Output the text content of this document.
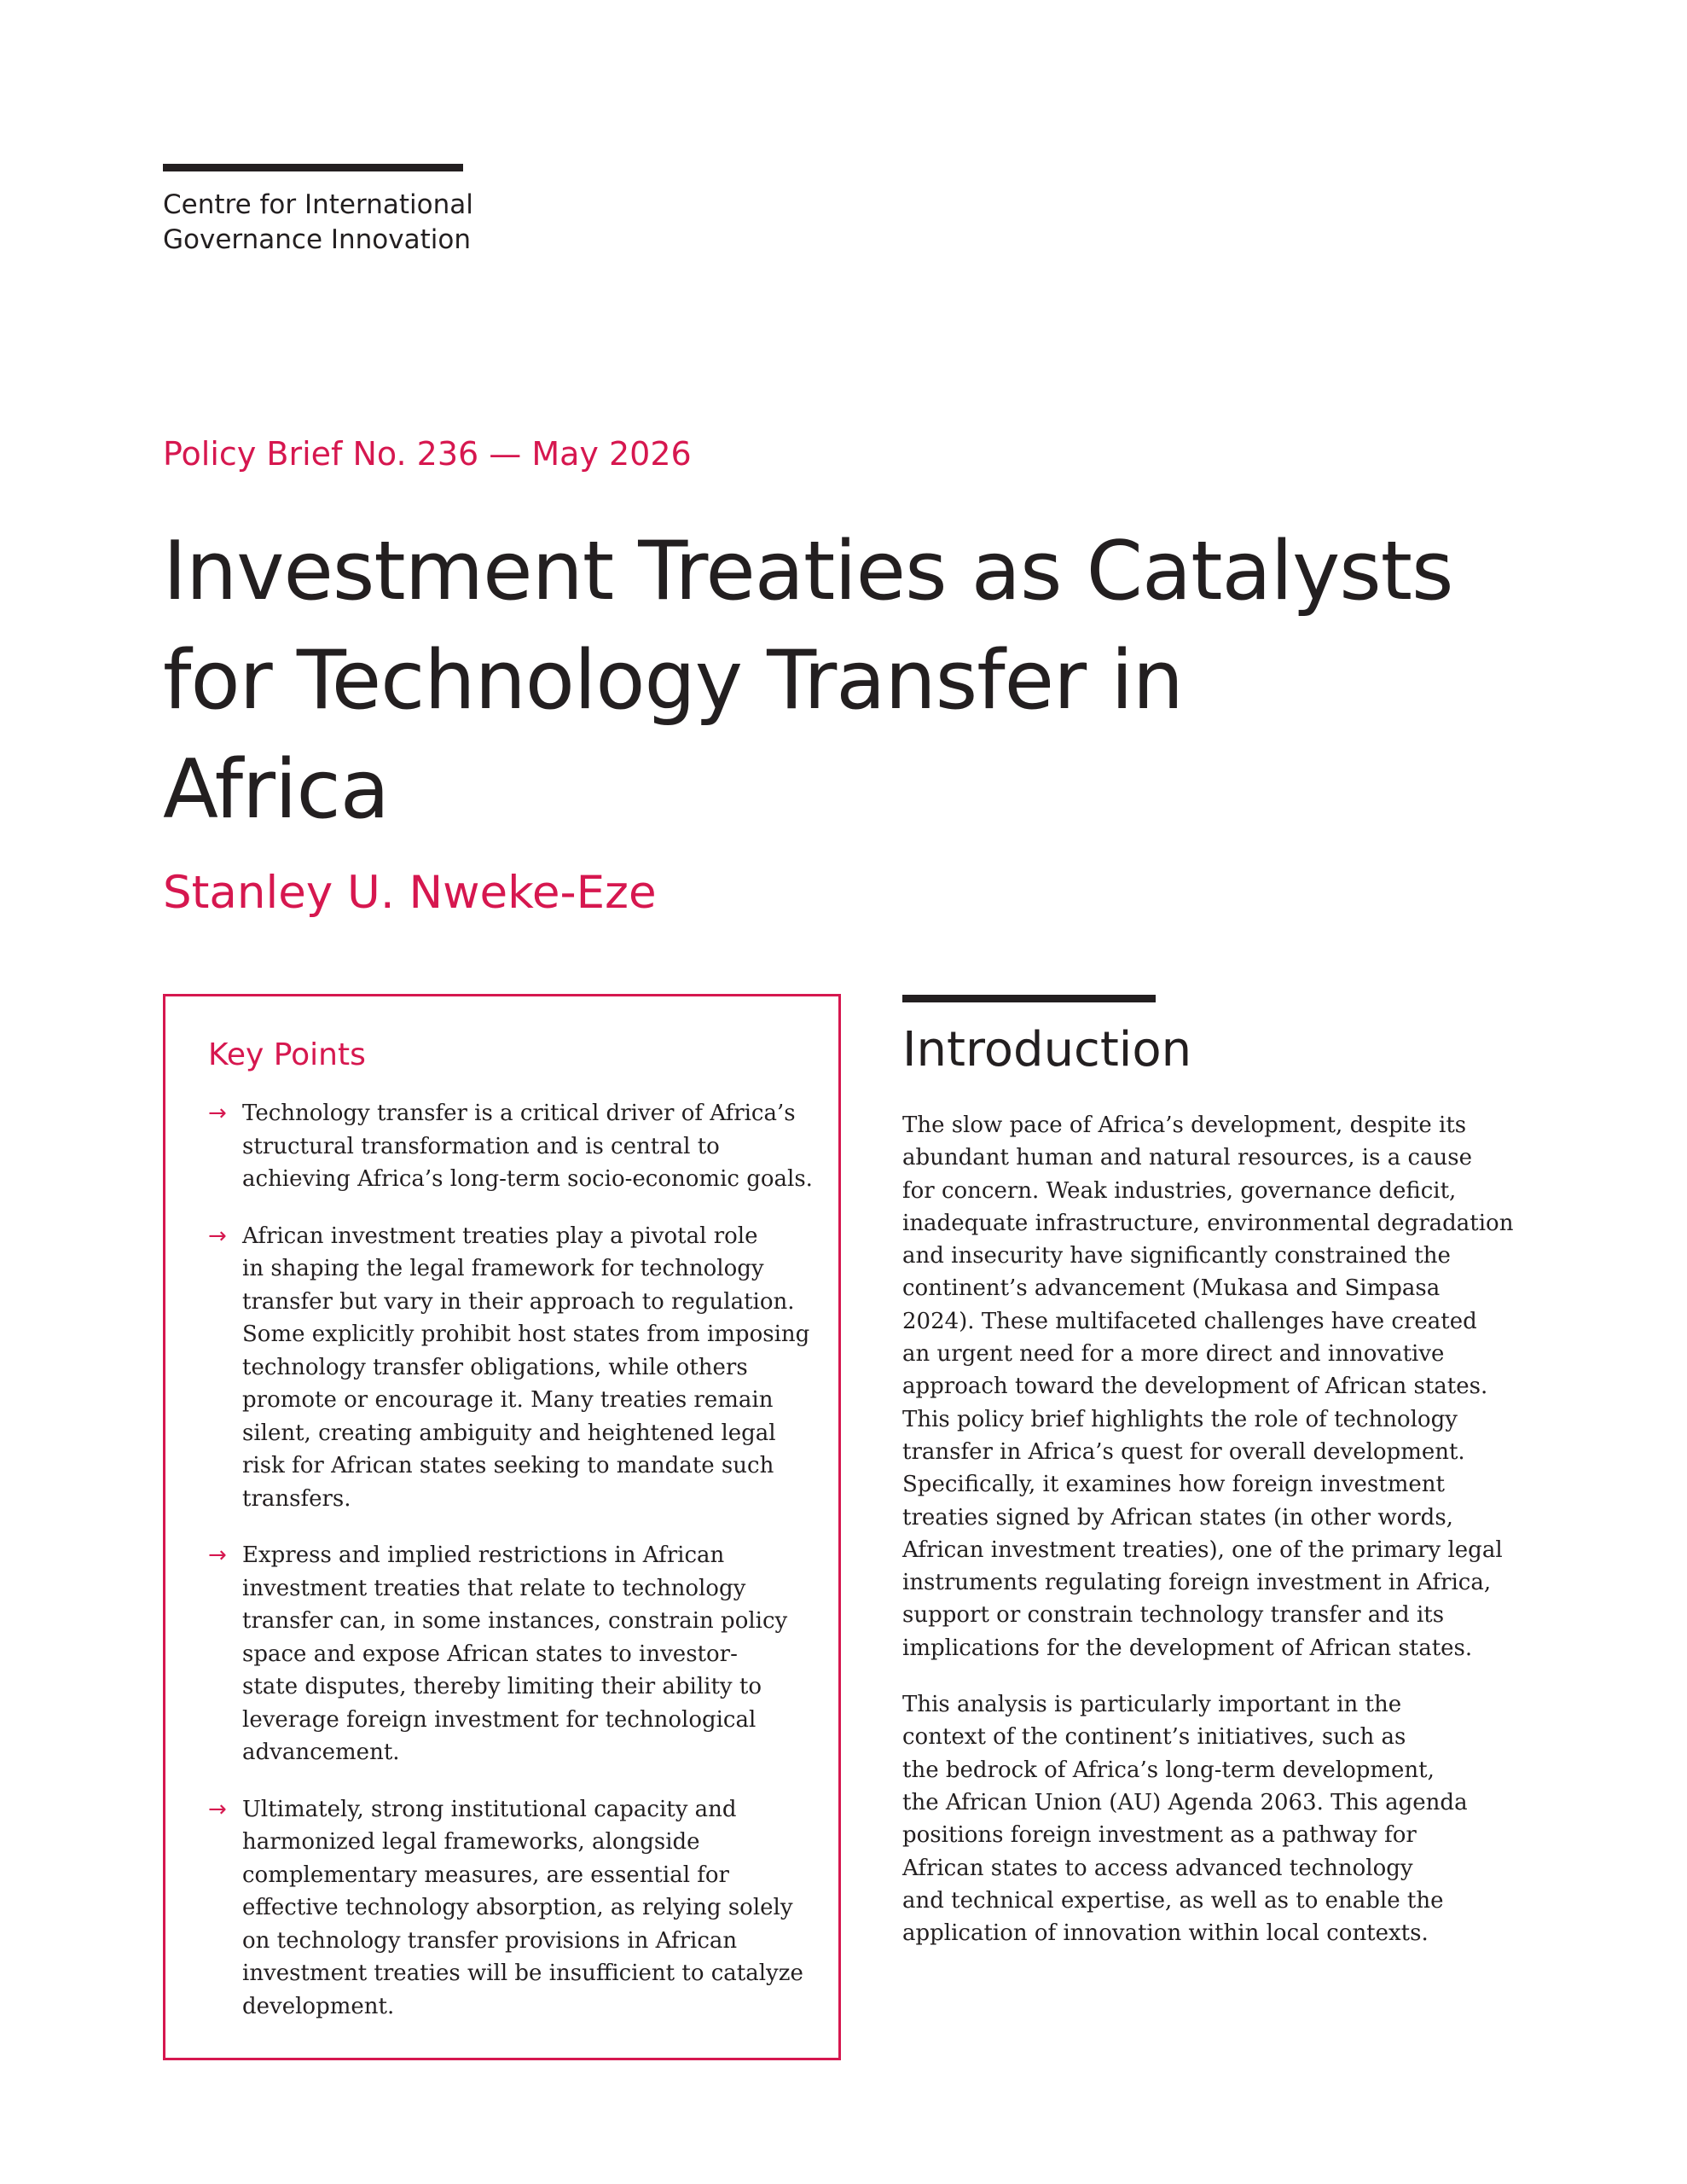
Centre for International
Governance Innovation
Policy Brief No. 236 — May 2026
Investment Treaties as Catalysts
for Technology Transfer in
Africa
Stanley U. Nweke-Eze
Key Points
→ Technology transfer is a critical driver of Africa’s
structural transformation and is central to
achieving Africa’s long-term socio-economic goals.
→ African investment treaties play a pivotal role
in shaping the legal framework for technology
transfer but vary in their approach to regulation.
Some explicitly prohibit host states from imposing
technology transfer obligations, while others
promote or encourage it. Many treaties remain
silent, creating ambiguity and heightened legal
risk for African states seeking to mandate such
transfers.
→ Express and implied restrictions in African
investment treaties that relate to technology
transfer can, in some instances, constrain policy
space and expose African states to investor-
state disputes, thereby limiting their ability to
leverage foreign investment for technological
advancement.
→ Ultimately, strong institutional capacity and
harmonized legal frameworks, alongside
complementary measures, are essential for
effective technology absorption, as relying solely
on technology transfer provisions in African
investment treaties will be insufficient to catalyze
development.
Introduction

The slow pace of Africa’s development, despite its
abundant human and natural resources, is a cause
for concern. Weak industries, governance deficit,
inadequate infrastructure, environmental degradation
and insecurity have significantly constrained the
continent’s advancement (Mukasa and Simpasa
2024). These multifaceted challenges have created
an urgent need for a more direct and innovative
approach toward the development of African states.
This policy brief highlights the role of technology
transfer in Africa’s quest for overall development.
Specifically, it examines how foreign investment
treaties signed by African states (in other words,
African investment treaties), one of the primary legal
instruments regulating foreign investment in Africa,
support or constrain technology transfer and its
implications for the development of African states.

This analysis is particularly important in the
context of the continent’s initiatives, such as
the bedrock of Africa’s long-term development,
the African Union (AU) Agenda 2063. This agenda
positions foreign investment as a pathway for
African states to access advanced technology
and technical expertise, as well as to enable the
application of innovation within local contexts.
